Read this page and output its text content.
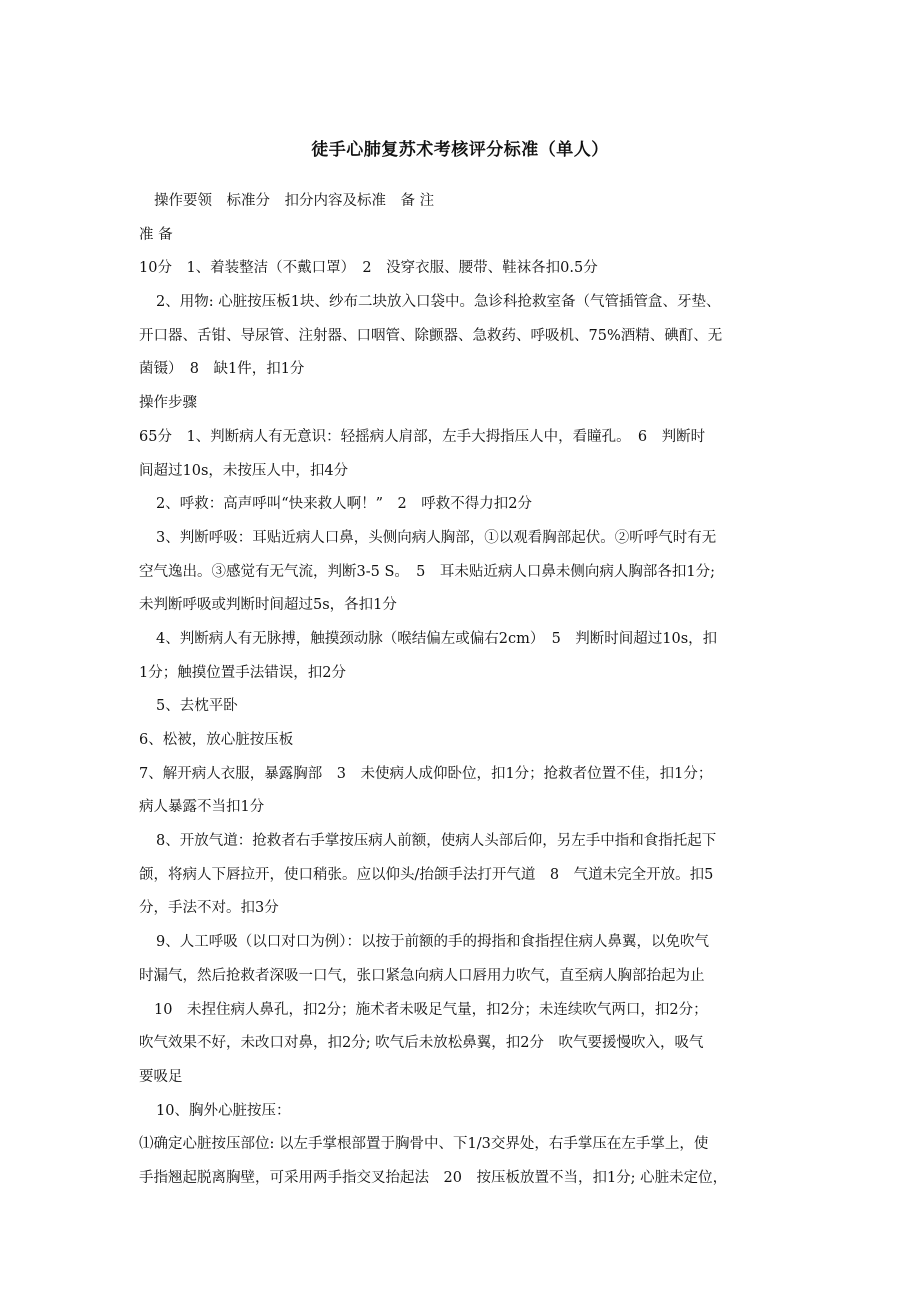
徒手心肺复苏术考核评分标准（单人）
操作要领　标准分　扣分内容及标准　备 注
准 备
10分　1、着装整洁（不戴口罩）　2　没穿衣服、腰带、鞋袜各扣0.5分
2、用物: 心脏按压板1块、纱布二块放入口袋中。急诊科抢救室备（气管插管盒、牙垫、
开口器、舌钳、导尿管、注射器、口咽管、除颤器、急救药、呼吸机、75%酒精、碘酊、无
菌镊）　8　缺1件，扣1分
操作步骤
65分　1、判断病人有无意识：轻摇病人肩部，左手大拇指压人中，看瞳孔。　6　判断时
间超过10s，未按压人中，扣4分
2、呼救：高声呼叫“快来救人啊！”　2　呼救不得力扣2分
3、判断呼吸：耳贴近病人口鼻，头侧向病人胸部，①以观看胸部起伏。②听呼气时有无
空气逸出。③感觉有无气流，判断3-5 S。　5　耳未贴近病人口鼻未侧向病人胸部各扣1分;
未判断呼吸或判断时间超过5s，各扣1分
4、判断病人有无脉搏，触摸颈动脉（喉结偏左或偏右2cm）　5　判断时间超过10s，扣
1分；触摸位置手法错误，扣2分
5、去枕平卧
6、松被，放心脏按压板
7、解开病人衣服，暴露胸部　3　未使病人成仰卧位，扣1分；抢救者位置不佳，扣1分；
病人暴露不当扣1分
8、开放气道：抢救者右手掌按压病人前额，使病人头部后仰，另左手中指和食指托起下
颌，将病人下唇拉开，使口稍张。应以仰头/抬颌手法打开气道　8　气道未完全开放。扣5
分，手法不对。扣3分
9、人工呼吸（以口对口为例）：以按于前额的手的拇指和食指捏住病人鼻翼，以免吹气
时漏气，然后抢救者深吸一口气，张口紧急向病人口唇用力吹气，直至病人胸部抬起为止
10　未捏住病人鼻孔，扣2分；施术者未吸足气量，扣2分；未连续吹气两口，扣2分；
吹气效果不好，未改口对鼻，扣2分; 吹气后未放松鼻翼，扣2分　吹气要援慢吹入，吸气
要吸足
10、胸外心脏按压：
⑴确定心脏按压部位: 以左手掌根部置于胸骨中、下1/3交界处，右手掌压在左手掌上，使
手指翘起脱离胸壁，可采用两手指交叉抬起法　20　按压板放置不当，扣1分; 心脏未定位，
